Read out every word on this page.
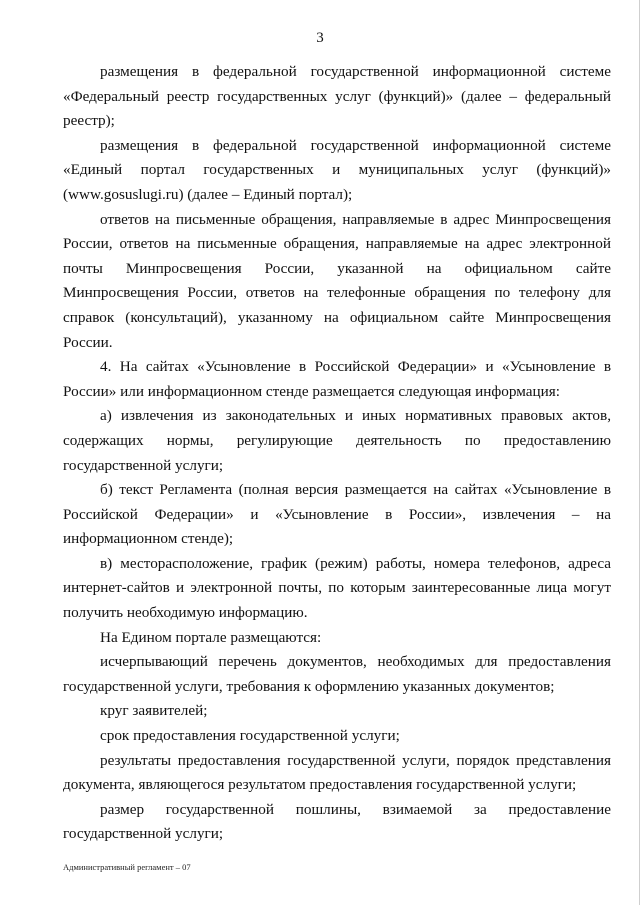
3

размещения в федеральной государственной информационной системе «Федеральный реестр государственных услуг (функций)» (далее – федеральный реестр);

размещения в федеральной государственной информационной системе «Единый портал государственных и муниципальных услуг (функций)» (www.gosuslugi.ru) (далее – Единый портал);

ответов на письменные обращения, направляемые в адрес Минпросвещения России, ответов на письменные обращения, направляемые на адрес электронной почты Минпросвещения России, указанной на официальном сайте Минпросвещения России, ответов на телефонные обращения по телефону для справок (консультаций), указанному на официальном сайте Минпросвещения России.

4. На сайтах «Усыновление в Российской Федерации» и «Усыновление в России» или информационном стенде размещается следующая информация:

а) извлечения из законодательных и иных нормативных правовых актов, содержащих нормы, регулирующие деятельность по предоставлению государственной услуги;

б) текст Регламента (полная версия размещается на сайтах «Усыновление в Российской Федерации» и «Усыновление в России», извлечения – на информационном стенде);

в) месторасположение, график (режим) работы, номера телефонов, адреса интернет-сайтов и электронной почты, по которым заинтересованные лица могут получить необходимую информацию.

На Едином портале размещаются:

исчерпывающий перечень документов, необходимых для предоставления государственной услуги, требования к оформлению указанных документов;

круг заявителей;

срок предоставления государственной услуги;

результаты предоставления государственной услуги, порядок представления документа, являющегося результатом предоставления государственной услуги;

размер государственной пошлины, взимаемой за предоставление государственной услуги;

Административный регламент – 07
